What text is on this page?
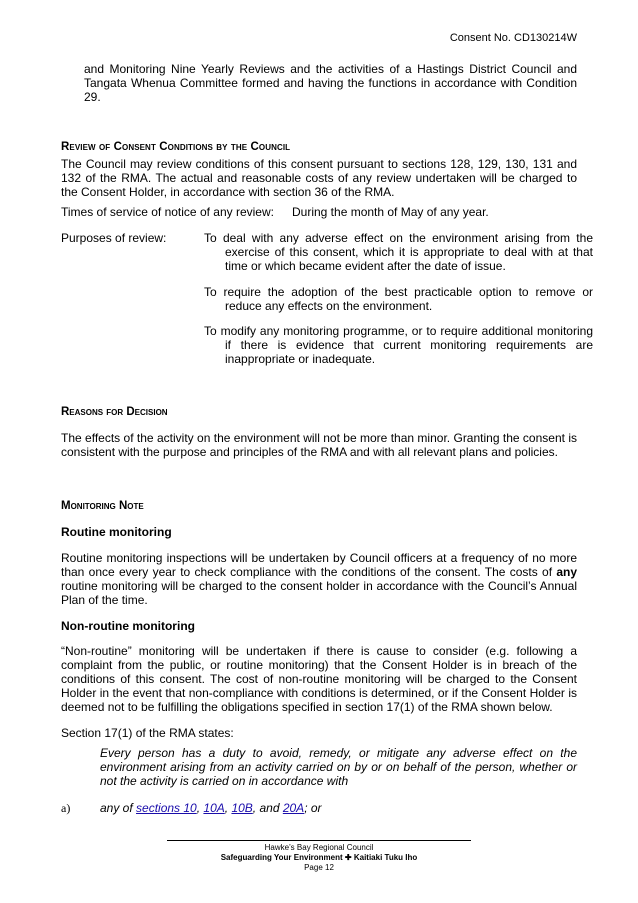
Consent No. CD130214W
and Monitoring Nine Yearly Reviews and the activities of a Hastings District Council and Tangata Whenua Committee formed and having the functions in accordance with Condition 29.
Review of Consent Conditions by the Council
The Council may review conditions of this consent pursuant to sections 128, 129, 130, 131 and 132 of the RMA. The actual and reasonable costs of any review undertaken will be charged to the Consent Holder, in accordance with section 36 of the RMA.
Times of service of notice of any review: During the month of May of any year.
Purposes of review:	To deal with any adverse effect on the environment arising from the exercise of this consent, which it is appropriate to deal with at that time or which became evident after the date of issue.
To require the adoption of the best practicable option to remove or reduce any effects on the environment.
To modify any monitoring programme, or to require additional monitoring if there is evidence that current monitoring requirements are inappropriate or inadequate.
Reasons for Decision
The effects of the activity on the environment will not be more than minor. Granting the consent is consistent with the purpose and principles of the RMA and with all relevant plans and policies.
Monitoring Note
Routine monitoring
Routine monitoring inspections will be undertaken by Council officers at a frequency of no more than once every year to check compliance with the conditions of the consent. The costs of any routine monitoring will be charged to the consent holder in accordance with the Council’s Annual Plan of the time.
Non-routine monitoring
“Non-routine” monitoring will be undertaken if there is cause to consider (e.g. following a complaint from the public, or routine monitoring) that the Consent Holder is in breach of the conditions of this consent. The cost of non-routine monitoring will be charged to the Consent Holder in the event that non-compliance with conditions is determined, or if the Consent Holder is deemed not to be fulfilling the obligations specified in section 17(1) of the RMA shown below.
Section 17(1) of the RMA states:
Every person has a duty to avoid, remedy, or mitigate any adverse effect on the environment arising from an activity carried on by or on behalf of the person, whether or not the activity is carried on in accordance with
a) any of sections 10, 10A, 10B, and 20A; or
Hawke’s Bay Regional Council
Safeguarding Your Environment ✚ Kaitiaki Tuku Iho
Page 12
